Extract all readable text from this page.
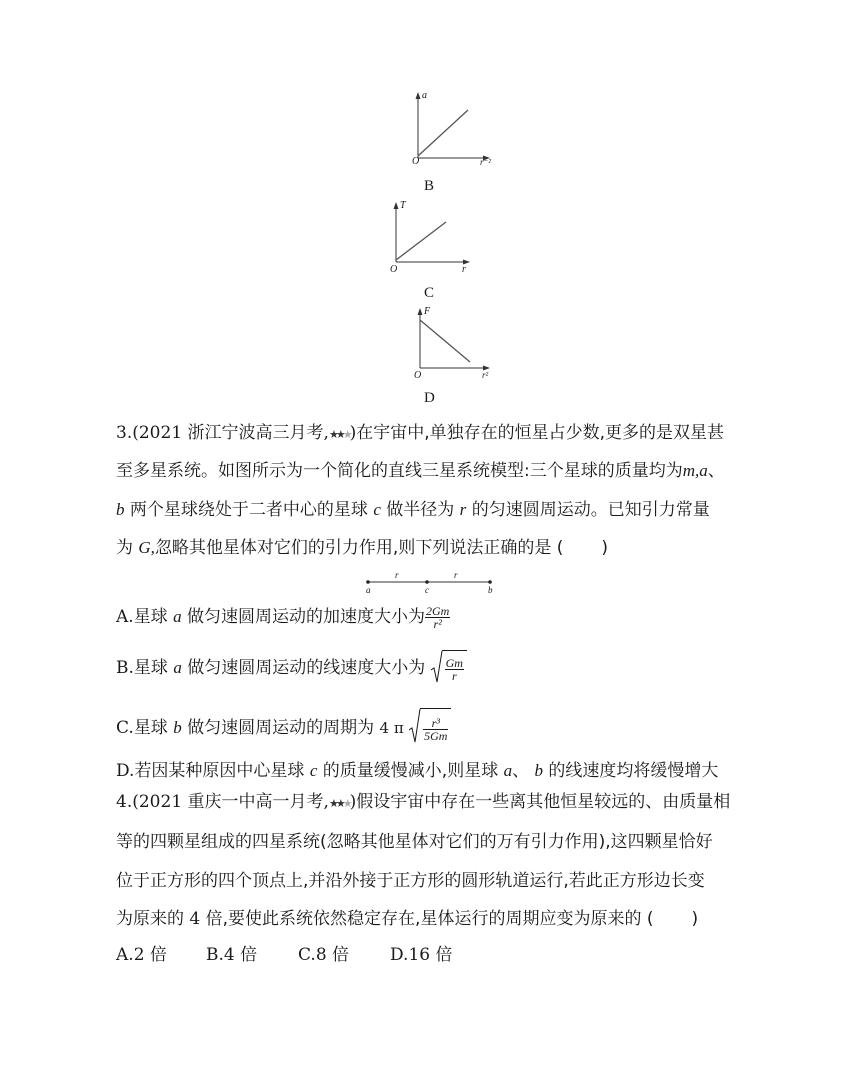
a
r⁻²
O
B
T
r
O
C
F
r²
O
D
3.(2021 浙江宁波高三月考,★★★)在宇宙中,单独存在的恒星占少数,更多的是双星甚
至多星系统。如图所示为一个简化的直线三星系统模型:三个星球的质量均为m,a、
b 两个星球绕处于二者中心的星球 c 做半径为 r 的匀速圆周运动。已知引力常量
为 G,忽略其他星体对它们的引力作用,则下列说法正确的是 ( )
a	c	b
r	r
A.星球 a 做匀速圆周运动的加速度大小为 $\frac{2Gm}{\text{r²}}$
B.星球 a 做匀速圆周运动的线速度大小为 $\frac{Gm}{r}$
C.星球 b 做匀速圆周运动的周期为 4 π $\frac{\text{r³}}{5Gm}$
D.若因某种原因中心星球 c 的质量缓慢减小,则星球 a、 b 的线速度均将缓慢增大
4.(2021 重庆一中高一月考,★★★)假设宇宙中存在一些离其他恒星较远的、由质量相
等的四颗星组成的四星系统(忽略其他星体对它们的万有引力作用),这四颗星恰好
位于正方形的四个顶点上,并沿外接于正方形的圆形轨道运行,若此正方形边长变
为原来的 4 倍,要使此系统依然稳定存在,星体运行的周期应变为原来的 ( )
A.2 倍 B.4 倍 C.8 倍 D.16 倍
